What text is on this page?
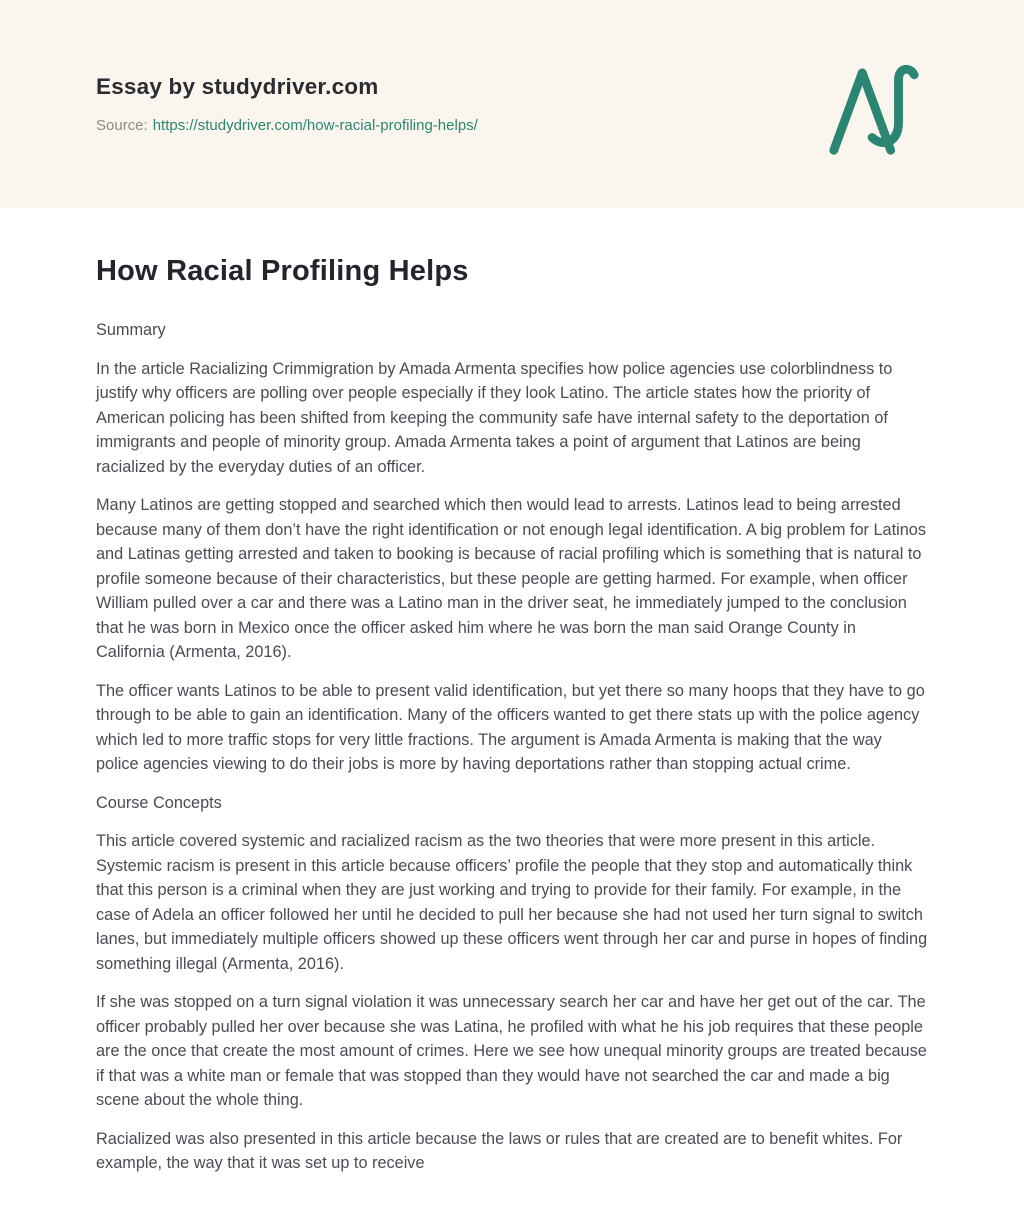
Essay by studydriver.com
Source: https://studydriver.com/how-racial-profiling-helps/
How Racial Profiling Helps

Summary

In the article Racializing Crimmigration by Amada Armenta specifies how police agencies use colorblindness to justify why officers are polling over people especially if they look Latino. The article states how the priority of American policing has been shifted from keeping the community safe have internal safety to the deportation of immigrants and people of minority group. Amada Armenta takes a point of argument that Latinos are being racialized by the everyday duties of an officer.

Many Latinos are getting stopped and searched which then would lead to arrests. Latinos lead to being arrested because many of them don’t have the right identification or not enough legal identification. A big problem for Latinos and Latinas getting arrested and taken to booking is because of racial profiling which is something that is natural to profile someone because of their characteristics, but these people are getting harmed. For example, when officer William pulled over a car and there was a Latino man in the driver seat, he immediately jumped to the conclusion that he was born in Mexico once the officer asked him where he was born the man said Orange County in California (Armenta, 2016).

The officer wants Latinos to be able to present valid identification, but yet there so many hoops that they have to go through to be able to gain an identification. Many of the officers wanted to get there stats up with the police agency which led to more traffic stops for very little fractions. The argument is Amada Armenta is making that the way police agencies viewing to do their jobs is more by having deportations rather than stopping actual crime.

Course Concepts

This article covered systemic and racialized racism as the two theories that were more present in this article. Systemic racism is present in this article because officers’ profile the people that they stop and automatically think that this person is a criminal when they are just working and trying to provide for their family. For example, in the case of Adela an officer followed her until he decided to pull her because she had not used her turn signal to switch lanes, but immediately multiple officers showed up these officers went through her car and purse in hopes of finding something illegal (Armenta, 2016).

If she was stopped on a turn signal violation it was unnecessary search her car and have her get out of the car. The officer probably pulled her over because she was Latina, he profiled with what he his job requires that these people are the once that create the most amount of crimes. Here we see how unequal minority groups are treated because if that was a white man or female that was stopped than they would have not searched the car and made a big scene about the whole thing.

Racialized was also presented in this article because the laws or rules that are created are to benefit whites. For example, the way that it was set up to receive
